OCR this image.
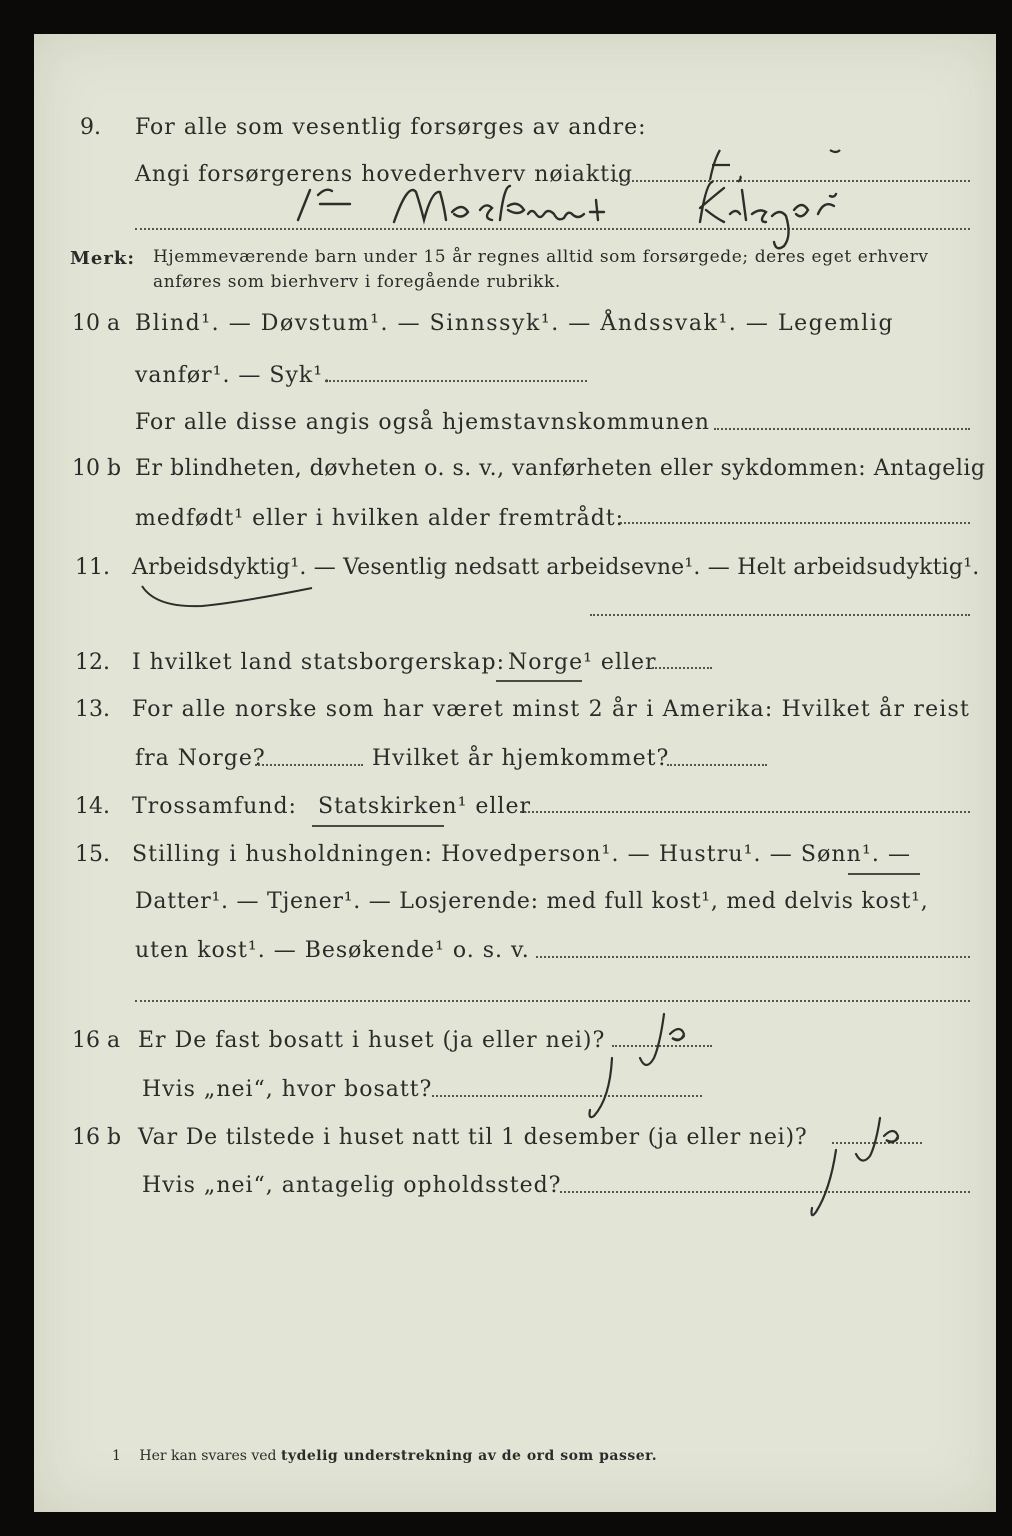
9. For alle som vesentlig forsørges av andre:
Angi forsørgerens hovederhverv nøiaktig
Merk: Hjemmeværende barn under 15 år regnes alltid som forsørgede; deres eget erhverv
anføres som bierhverv i foregående rubrikk.
10 a Blind¹. — Døvstum¹. — Sinnssyk¹. — Åndssvak¹. — Legemlig
vanfør¹. — Syk¹.
For alle disse angis også hjemstavnskommunen
10 b Er blindheten, døvheten o. s. v., vanførheten eller sykdommen: Antagelig
medfødt¹ eller i hvilken alder fremtrådt:
11. Arbeidsdyktig¹. — Vesentlig nedsatt arbeidsevne¹. — Helt arbeidsudyktig¹.
12. I hvilket land statsborgerskap: Norge¹ eller
13. For alle norske som har været minst 2 år i Amerika: Hvilket år reist
fra Norge?	Hvilket år hjemkommet?
14. Trossamfund: Statskirken¹ eller
15. Stilling i husholdningen: Hovedperson¹. — Hustru¹. — Sønn¹. —
Datter¹. — Tjener¹. — Losjerende: med full kost¹, med delvis kost¹,
uten kost¹. — Besøkende¹ o. s. v.
16 a Er De fast bosatt i huset (ja eller nei)?
Hvis „nei“, hvor bosatt?
16 b Var De tilstede i huset natt til 1 desember (ja eller nei)?
Hvis „nei“, antagelig opholdssted?
1 Her kan svares ved tydelig understrekning av de ord som passer.
